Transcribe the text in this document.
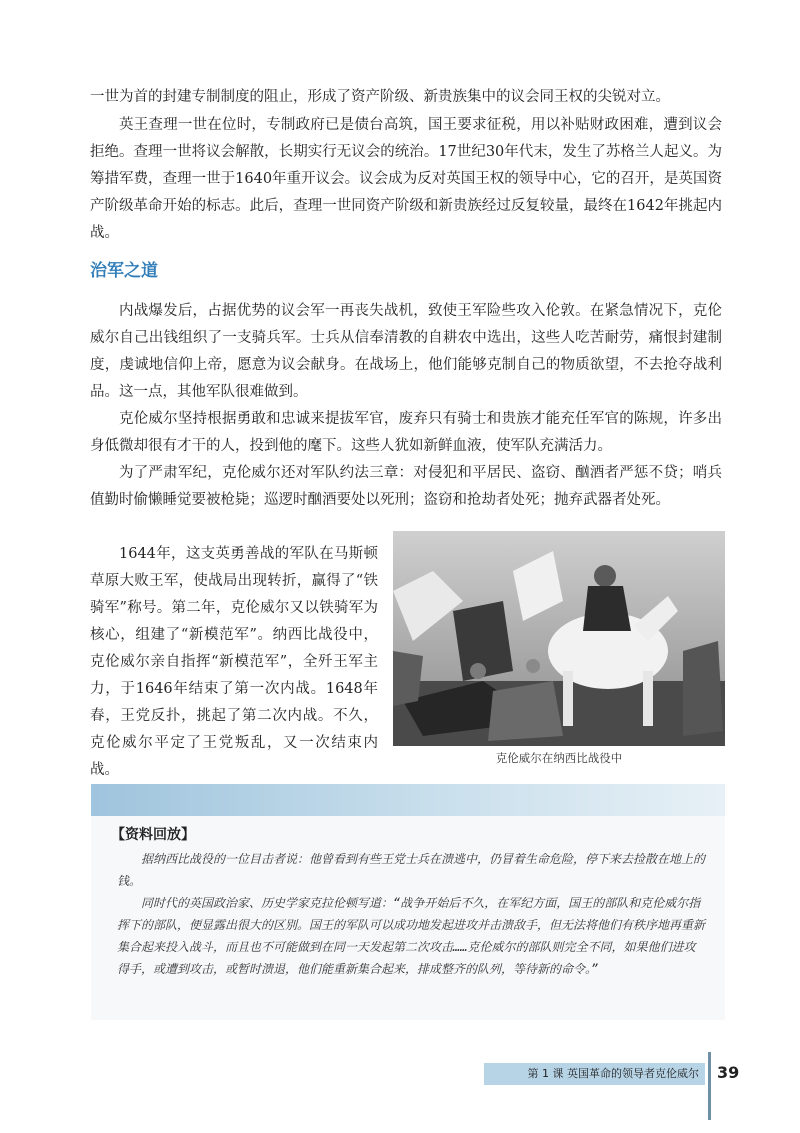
一世为首的封建专制制度的阻止，形成了资产阶级、新贵族集中的议会同王权的尖锐对立。

英王查理一世在位时，专制政府已是债台高筑，国王要求征税，用以补贴财政困难，遭到议会拒绝。查理一世将议会解散，长期实行无议会的统治。17世纪30年代末，发生了苏格兰人起义。为筹措军费，查理一世于1640年重开议会。议会成为反对英国王权的领导中心，它的召开，是英国资产阶级革命开始的标志。此后，查理一世同资产阶级和新贵族经过反复较量，最终在1642年挑起内战。

治军之道

内战爆发后，占据优势的议会军一再丧失战机，致使王军险些攻入伦敦。在紧急情况下，克伦威尔自己出钱组织了一支骑兵军。士兵从信奉清教的自耕农中选出，这些人吃苦耐劳，痛恨封建制度，虔诚地信仰上帝，愿意为议会献身。在战场上，他们能够克制自己的物质欲望，不去抢夺战利品。这一点，其他军队很难做到。

克伦威尔坚持根据勇敢和忠诚来提拔军官，废弃只有骑士和贵族才能充任军官的陈规，许多出身低微却很有才干的人，投到他的麾下。这些人犹如新鲜血液，使军队充满活力。

为了严肃军纪，克伦威尔还对军队约法三章：对侵犯和平居民、盗窃、酗酒者严惩不贷；哨兵值勤时偷懒睡觉要被枪毙；巡逻时酗酒要处以死刑；盗窃和抢劫者处死；抛弃武器者处死。

1644年，这支英勇善战的军队在马斯顿草原大败王军，使战局出现转折，赢得了“铁骑军”称号。第二年，克伦威尔又以铁骑军为核心，组建了“新模范军”。纳西比战役中，克伦威尔亲自指挥“新模范军”，全歼王军主力，于1646年结束了第一次内战。1648年春，王党反扑，挑起了第二次内战。不久，克伦威尔平定了王党叛乱，又一次结束内战。

克伦威尔在纳西比战役中

【资料回放】

据纳西比战役的一位目击者说：他曾看到有些王党士兵在溃逃中，仍冒着生命危险，停下来去捡散在地上的钱。

同时代的英国政治家、历史学家克拉伦顿写道：“战争开始后不久，在军纪方面，国王的部队和克伦威尔指挥下的部队，便显露出很大的区别。国王的军队可以成功地发起进攻并击溃敌手，但无法将他们有秩序地再重新集合起来投入战斗，而且也不可能做到在同一天发起第二次攻击……克伦威尔的部队则完全不同，如果他们进攻得手，或遭到攻击，或暂时溃退，他们能重新集合起来，排成整齐的队列，等待新的命令。”

第 1 课 英国革命的领导者克伦威尔	39
